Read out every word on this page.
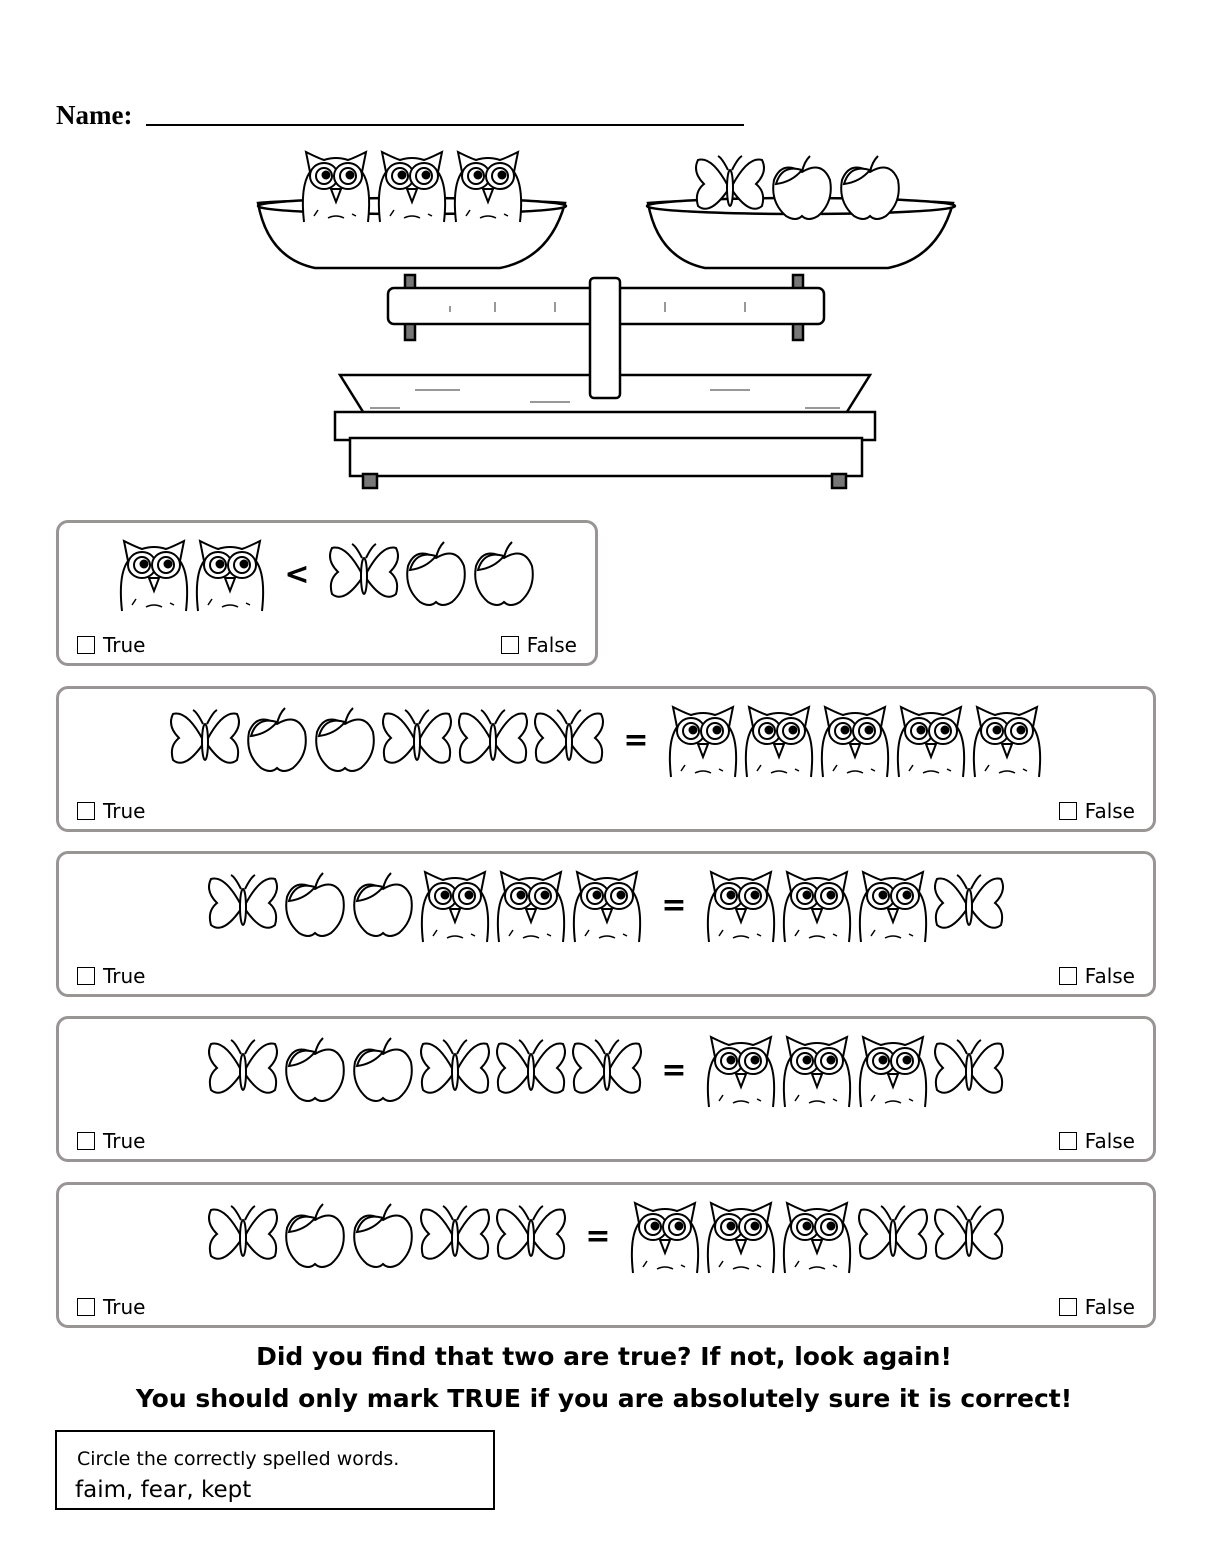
Name:
<
True	False
=
True	False
=
True	False
=
True	False
=
True	False
Did you find that two are true? If not, look again!
You should only mark TRUE if you are absolutely sure it is correct!
Circle the correctly spelled words.
faim, fear, kept
